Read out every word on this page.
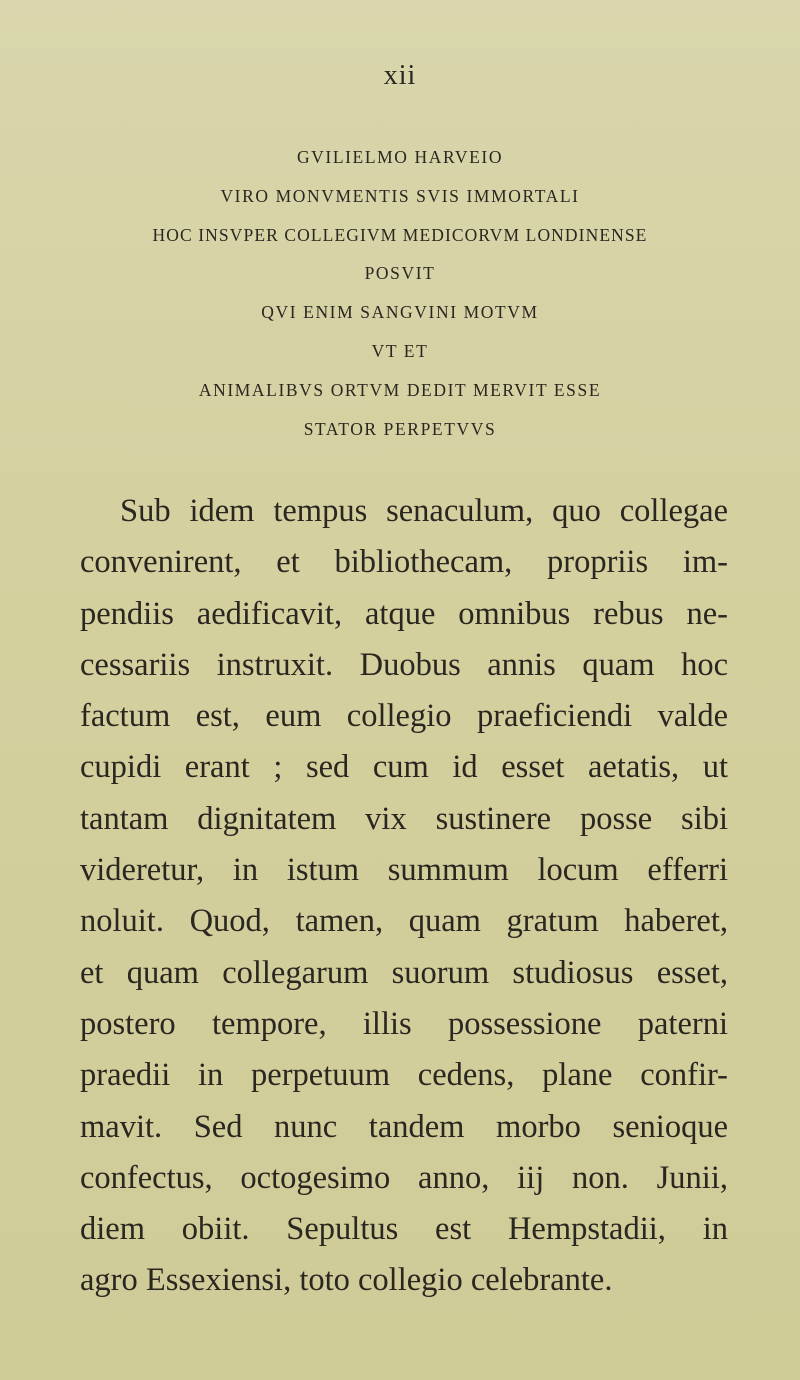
xii
GVILIELMO HARVEIO
VIRO MONVMENTIS SVIS IMMORTALI
HOC INSVPER COLLEGIVM MEDICORVM LONDINENSE
POSVIT
QVI ENIM SANGVINI MOTVM
VT ET
ANIMALIBVS ORTVM DEDIT MERVIT ESSE
STATOR PERPETVVS
Sub idem tempus senaculum, quo collegae
convenirent, et bibliothecam, propriis im-
pendiis aedificavit, atque omnibus rebus ne-
cessariis instruxit. Duobus annis quam hoc
factum est, eum collegio praeficiendi valde
cupidi erant ; sed cum id esset aetatis, ut
tantam dignitatem vix sustinere posse sibi
videretur, in istum summum locum efferri
noluit. Quod, tamen, quam gratum haberet,
et quam collegarum suorum studiosus esset,
postero tempore, illis possessione paterni
praedii in perpetuum cedens, plane confir-
mavit. Sed nunc tandem morbo senioque
confectus, octogesimo anno, iij non. Junii,
diem obiit. Sepultus est Hempstadii, in
agro Essexiensi, toto collegio celebrante.
